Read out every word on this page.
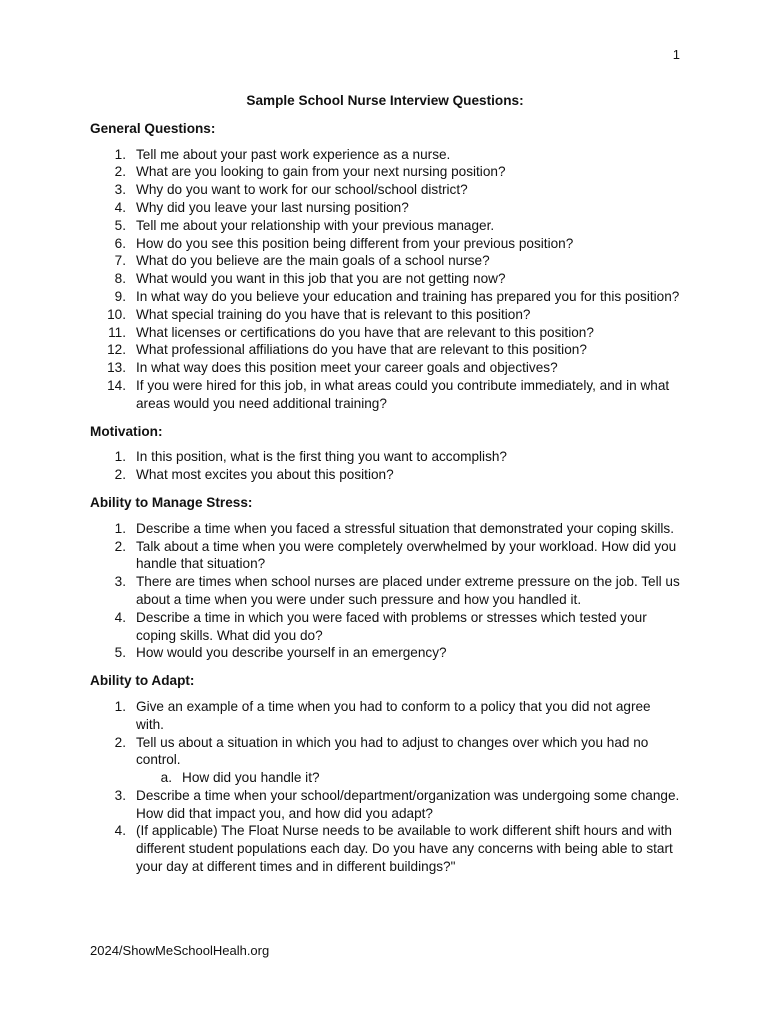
1
Sample School Nurse Interview Questions:
General Questions:
1. Tell me about your past work experience as a nurse.
2. What are you looking to gain from your next nursing position?
3. Why do you want to work for our school/school district?
4. Why did you leave your last nursing position?
5. Tell me about your relationship with your previous manager.
6. How do you see this position being different from your previous position?
7. What do you believe are the main goals of a school nurse?
8. What would you want in this job that you are not getting now?
9. In what way do you believe your education and training has prepared you for this position?
10. What special training do you have that is relevant to this position?
11. What licenses or certifications do you have that are relevant to this position?
12. What professional affiliations do you have that are relevant to this position?
13. In what way does this position meet your career goals and objectives?
14. If you were hired for this job, in what areas could you contribute immediately, and in what areas would you need additional training?
Motivation:
1. In this position, what is the first thing you want to accomplish?
2. What most excites you about this position?
Ability to Manage Stress:
1. Describe a time when you faced a stressful situation that demonstrated your coping skills.
2. Talk about a time when you were completely overwhelmed by your workload. How did you handle that situation?
3. There are times when school nurses are placed under extreme pressure on the job. Tell us about a time when you were under such pressure and how you handled it.
4. Describe a time in which you were faced with problems or stresses which tested your coping skills. What did you do?
5. How would you describe yourself in an emergency?
Ability to Adapt:
1. Give an example of a time when you had to conform to a policy that you did not agree with.
2. Tell us about a situation in which you had to adjust to changes over which you had no control.
a. How did you handle it?
3. Describe a time when your school/department/organization was undergoing some change. How did that impact you, and how did you adapt?
4. (If applicable) The Float Nurse needs to be available to work different shift hours and with different student populations each day. Do you have any concerns with being able to start your day at different times and in different buildings?"
2024/ShowMeSchoolHealh.org
